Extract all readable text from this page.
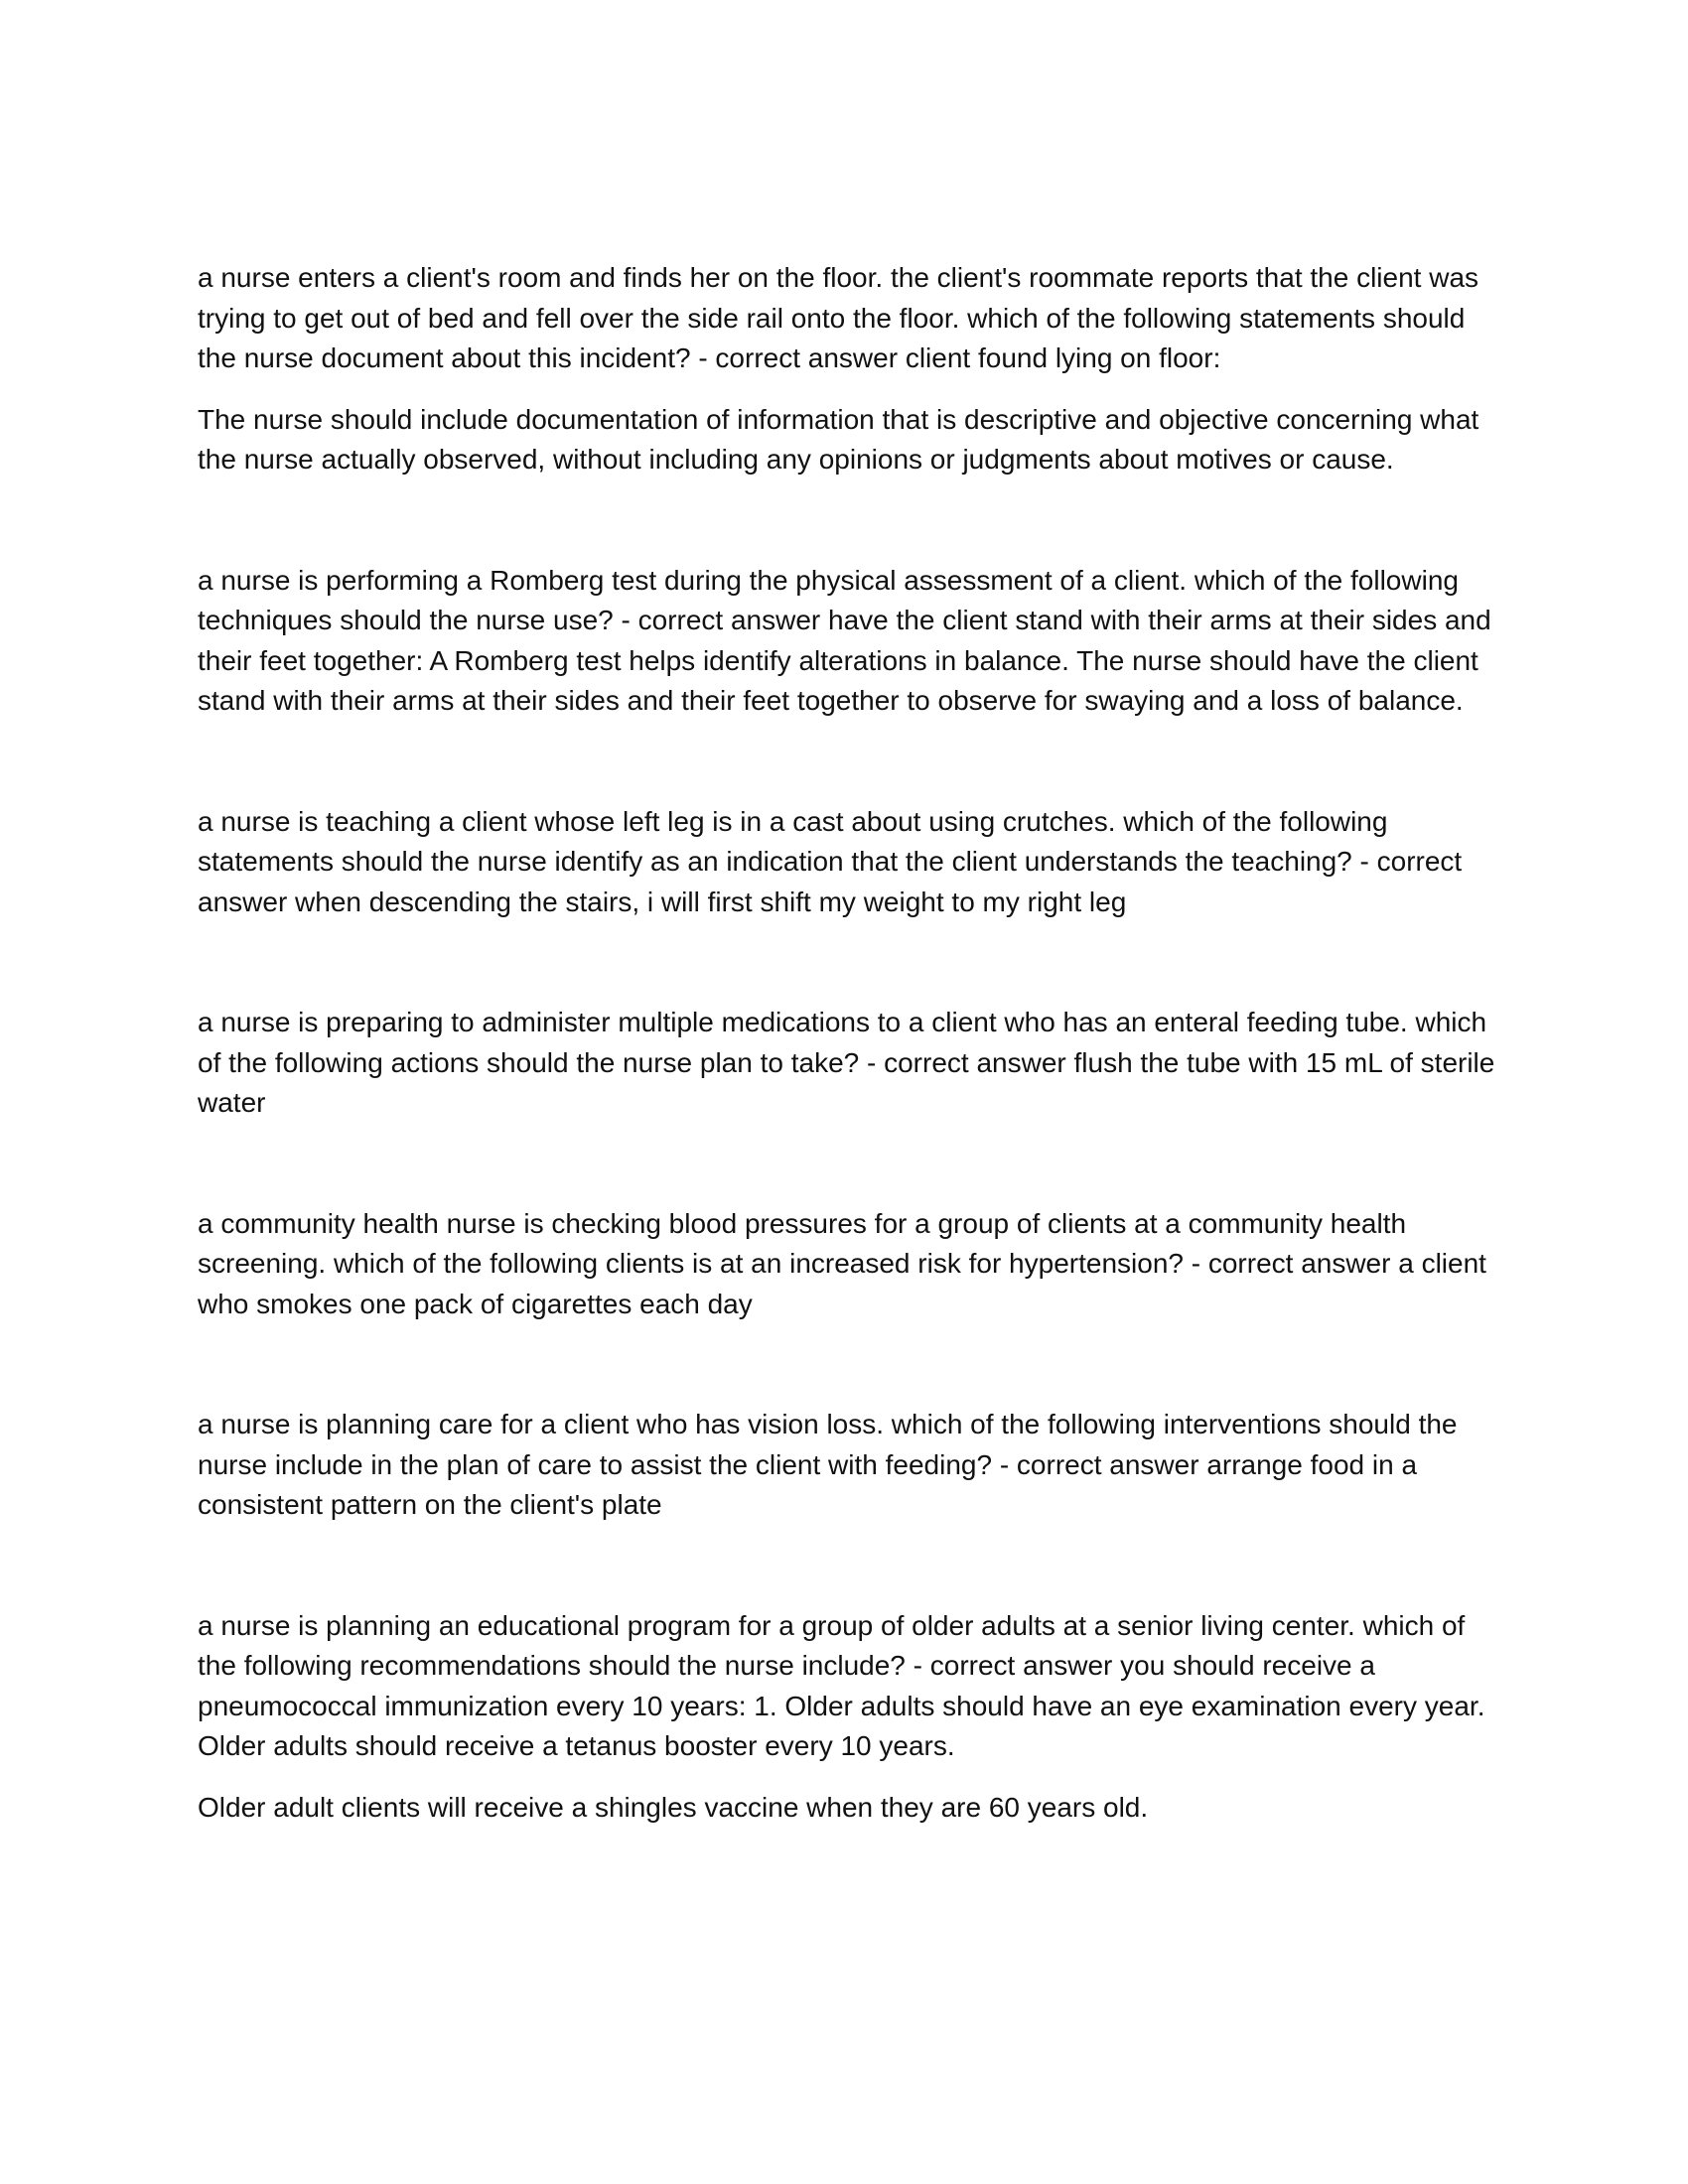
a nurse enters a client's room and finds her on the floor. the client's roommate reports that the client was trying to get out of bed and fell over the side rail onto the floor. which of the following statements should the nurse document about this incident? - correct answer client found lying on floor:

The nurse should include documentation of information that is descriptive and objective concerning what the nurse actually observed, without including any opinions or judgments about motives or cause.

a nurse is performing a Romberg test during the physical assessment of a client. which of the following techniques should the nurse use? - correct answer have the client stand with their arms at their sides and their feet together: A Romberg test helps identify alterations in balance. The nurse should have the client stand with their arms at their sides and their feet together to observe for swaying and a loss of balance.

a nurse is teaching a client whose left leg is in a cast about using crutches. which of the following statements should the nurse identify as an indication that the client understands the teaching? - correct answer when descending the stairs, i will first shift my weight to my right leg

a nurse is preparing to administer multiple medications to a client who has an enteral feeding tube. which of the following actions should the nurse plan to take? - correct answer flush the tube with 15 mL of sterile water

a community health nurse is checking blood pressures for a group of clients at a community health screening. which of the following clients is at an increased risk for hypertension? - correct answer a client who smokes one pack of cigarettes each day

a nurse is planning care for a client who has vision loss. which of the following interventions should the nurse include in the plan of care to assist the client with feeding? - correct answer arrange food in a consistent pattern on the client's plate

a nurse is planning an educational program for a group of older adults at a senior living center. which of the following recommendations should the nurse include? - correct answer you should receive a pneumococcal immunization every 10 years: 1. Older adults should have an eye examination every year. Older adults should receive a tetanus booster every 10 years.

Older adult clients will receive a shingles vaccine when they are 60 years old.
